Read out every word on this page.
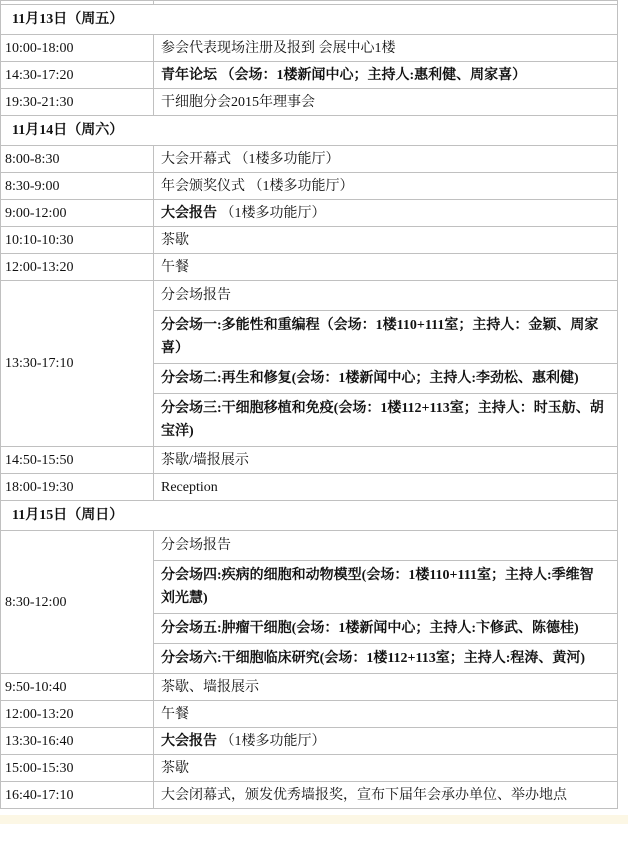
11月13日（周五）	
10:00-18:00	参会代表现场注册及报到 会展中心1楼
14:30-17:20	青年论坛 （会场：1楼新闻中心；主持人:惠利健、周家喜）
19:30-21:30	干细胞分会2015年理事会
11月14日（周六）	
8:00-8:30	大会开幕式 （1楼多功能厅）
8:30-9:00	年会颁奖仪式 （1楼多功能厅）
9:00-12:00	大会报告 （1楼多功能厅）
10:10-10:30	茶歇
12:00-13:20	午餐
13:30-17:10	分会场报告
	分会场一:多能性和重编程（会场：1楼110+111室；主持人：金颖、周家喜）
	分会场二:再生和修复(会场：1楼新闻中心；主持人:李劲松、惠利健)
	分会场三:干细胞移植和免疫(会场：1楼112+113室；主持人：时玉舫、胡宝洋)
14:50-15:50	茶歇/墙报展示
18:00-19:30	Reception
11月15日（周日）	
8:30-12:00	分会场报告
	分会场四:疾病的细胞和动物模型(会场：1楼110+111室；主持人:季维智 刘光慧)
	分会场五:肿瘤干细胞(会场：1楼新闻中心；主持人:卞修武、陈德桂)
	分会场六:干细胞临床研究(会场：1楼112+113室；主持人:程涛、黄河)
9:50-10:40	茶歇、墙报展示
12:00-13:20	午餐
13:30-16:40	大会报告 （1楼多功能厅）
15:00-15:30	茶歇
16:40-17:10	大会闭幕式，颁发优秀墙报奖，宣布下届年会承办单位、举办地点
